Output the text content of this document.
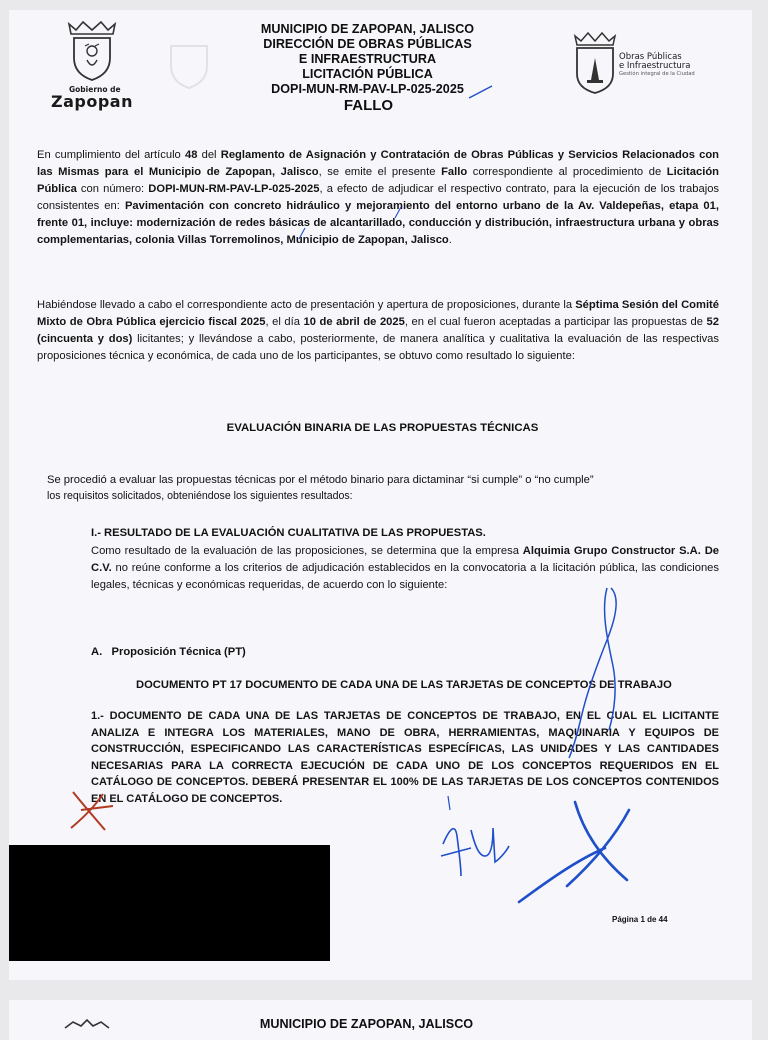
Gobierno de
Zapopan
MUNICIPIO DE ZAPOPAN, JALISCO
DIRECCIÓN DE OBRAS PÚBLICAS
E INFRAESTRUCTURA
LICITACIÓN PÚBLICA
DOPI-MUN-RM-PAV-LP-025-2025
FALLO
Obras Públicas
e Infraestructura
Gestión integral de la Ciudad
En cumplimiento del artículo 48 del Reglamento de Asignación y Contratación de Obras Públicas y Servicios Relacionados con las Mismas para el Municipio de Zapopan, Jalisco, se emite el presente Fallo correspondiente al procedimiento de Licitación Pública con número: DOPI-MUN-RM-PAV-LP-025-2025, a efecto de adjudicar el respectivo contrato, para la ejecución de los trabajos consistentes en: Pavimentación con concreto hidráulico y mejoramiento del entorno urbano de la Av. Valdepeñas, etapa 01, frente 01, incluye: modernización de redes básicas de alcantarillado, conducción y distribución, infraestructura urbana y obras complementarias, colonia Villas Torremolinos, Municipio de Zapopan, Jalisco.
Habiéndose llevado a cabo el correspondiente acto de presentación y apertura de proposiciones, durante la Séptima Sesión del Comité Mixto de Obra Pública ejercicio fiscal 2025, el día 10 de abril de 2025, en el cual fueron aceptadas a participar las propuestas de 52 (cincuenta y dos) licitantes; y llevándose a cabo, posteriormente, de manera analítica y cualitativa la evaluación de las respectivas proposiciones técnica y económica, de cada uno de los participantes, se obtuvo como resultado lo siguiente:
EVALUACIÓN BINARIA DE LAS PROPUESTAS TÉCNICAS
Se procedió a evaluar las propuestas técnicas por el método binario para dictaminar “si cumple” o “no cumple”
los requisitos solicitados, obteniéndose los siguientes resultados:
I.- RESULTADO DE LA EVALUACIÓN CUALITATIVA DE LAS PROPUESTAS.
Como resultado de la evaluación de las proposiciones, se determina que la empresa Alquimia Grupo Constructor S.A. De C.V. no reúne conforme a los criterios de adjudicación establecidos en la convocatoria a la licitación pública, las condiciones legales, técnicas y económicas requeridas, de acuerdo con lo siguiente:
A.   Proposición Técnica (PT)
DOCUMENTO PT 17 DOCUMENTO DE CADA UNA DE LAS TARJETAS DE CONCEPTOS DE TRABAJO
1.- DOCUMENTO DE CADA UNA DE LAS TARJETAS DE CONCEPTOS DE TRABAJO, EN EL CUAL EL LICITANTE ANALIZA E INTEGRA LOS MATERIALES, MANO DE OBRA, HERRAMIENTAS, MAQUINARIA Y EQUIPOS DE CONSTRUCCIÓN, ESPECIFICANDO LAS CARACTERÍSTICAS ESPECÍFICAS, LAS UNIDADES Y LAS CANTIDADES NECESARIAS PARA LA CORRECTA EJECUCIÓN DE CADA UNO DE LOS CONCEPTOS REQUERIDOS EN EL CATÁLOGO DE CONCEPTOS. DEBERÁ PRESENTAR EL 100% DE LAS TARJETAS DE LOS CONCEPTOS CONTENIDOS EN EL CATÁLOGO DE CONCEPTOS.
Página 1 de 44
MUNICIPIO DE ZAPOPAN, JALISCO
